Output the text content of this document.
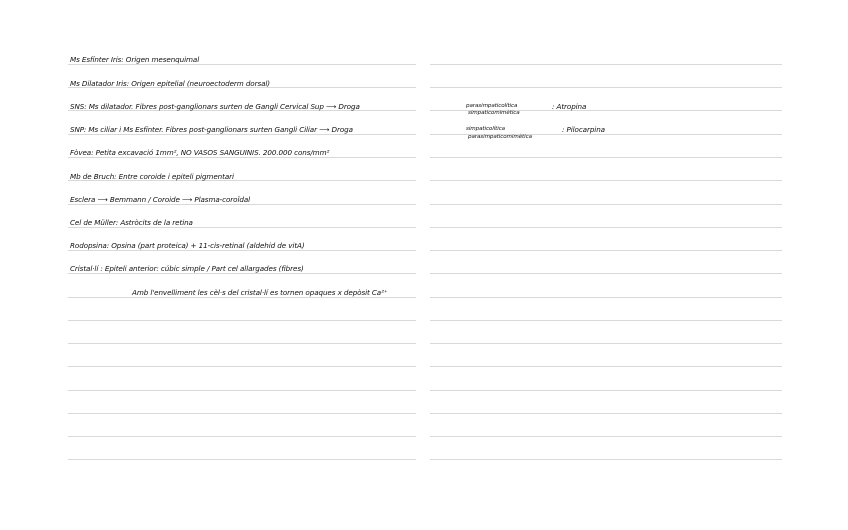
Ms Esfínter Iris: Origen mesenquimal
Ms Dilatador Iris: Origen epitelial (neuroectoderm dorsal)
SNS: Ms dilatador. Fibres post-ganglionars surten de Gangli Cervical Sup ⟶ Droga	parasimpaticolítica
simpaticomimètica
: Atropina
SNP: Ms ciliar i Ms Esfínter. Fibres post-ganglionars surten Gangli Ciliar ⟶ Droga	simpaticolítica
parasimpaticomimètica
: Pilocarpina
Fòvea: Petita excavació 1mm², NO VASOS SANGUINIS. 200.000 cons/mm²
Mb de Bruch: Entre coroide i epiteli pigmentari
Esclera ⟶ Bemmann / Coroide ⟶ Plasma-coroïdal
Cel de Müller: Astròcits de la retina
Rodopsina: Opsina (part proteica) + 11-cis-retinal (aldehid de vitA)
Cristal·lí : Epiteli anterior: cúbic simple / Part cel allargades (fibres)
Amb l'envelliment les cèl·s del cristal·lí es tornen opaques x depòsit Ca²⁺
